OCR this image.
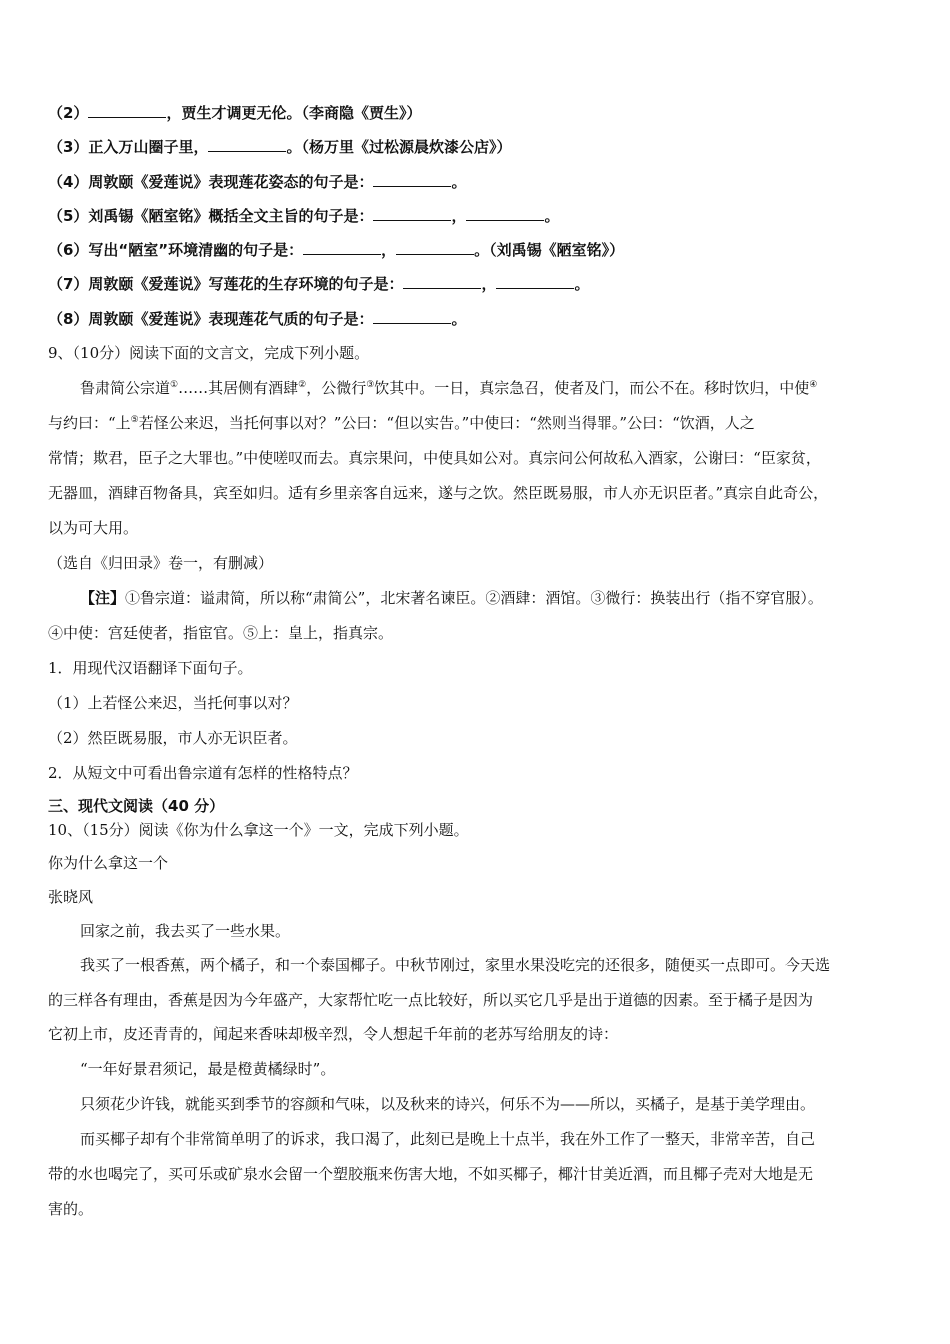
（2）	，贾生才调更无伦。（李商隐《贾生》）
（3）正入万山圈子里，	。（杨万里《过松源晨炊漆公店》）
（4）周敦颐《爱莲说》表现莲花姿态的句子是：	。
（5）刘禹锡《陋室铭》概括全文主旨的句子是：	，	。
（6）写出“陋室”环境清幽的句子是：	，	。（刘禹锡《陋室铭》）
（7）周敦颐《爱莲说》写莲花的生存环境的句子是：	，	。
（8）周敦颐《爱莲说》表现莲花气质的句子是：	。
9、（10分）阅读下面的文言文，完成下列小题。
鲁肃简公宗道①……其居侧有酒肆②，公微行③饮其中。一日，真宗急召，使者及门，而公不在。移时饮归，中使④
与约曰：“上⑤若怪公来迟，当托何事以对？”公曰：“但以实告。”中使曰：“然则当得罪。”公曰：“饮酒，人之
常情；欺君，臣子之大罪也。”中使嗟叹而去。真宗果问，中使具如公对。真宗问公何故私入酒家，公谢曰：“臣家贫，
无器皿，酒肆百物备具，宾至如归。适有乡里亲客自远来，遂与之饮。然臣既易服，市人亦无识臣者。”真宗自此奇公，
以为可大用。
（选自《归田录》卷一，有删减）
【注】①鲁宗道：谥肃简，所以称“肃简公”，北宋著名谏臣。②酒肆：酒馆。③微行：换装出行（指不穿官服）。
④中使：宫廷使者，指宦官。⑤上：皇上，指真宗。
1．用现代汉语翻译下面句子。
（1）上若怪公来迟，当托何事以对？
（2）然臣既易服，市人亦无识臣者。
2．从短文中可看出鲁宗道有怎样的性格特点？
三、现代文阅读（40 分）
10、（15分）阅读《你为什么拿这一个》一文，完成下列小题。
你为什么拿这一个
张晓风
回家之前，我去买了一些水果。
我买了一根香蕉，两个橘子，和一个泰国椰子。中秋节刚过，家里水果没吃完的还很多，随便买一点即可。今天选
的三样各有理由，香蕉是因为今年盛产，大家帮忙吃一点比较好，所以买它几乎是出于道德的因素。至于橘子是因为
它初上市，皮还青青的，闻起来香味却极辛烈，令人想起千年前的老苏写给朋友的诗：
“一年好景君须记，最是橙黄橘绿时”。
只须花少许钱，就能买到季节的容颜和气味，以及秋来的诗兴，何乐不为——所以，买橘子，是基于美学理由。
而买椰子却有个非常简单明了的诉求，我口渴了，此刻已是晚上十点半，我在外工作了一整天，非常辛苦，自己
带的水也喝完了，买可乐或矿泉水会留一个塑胶瓶来伤害大地，不如买椰子，椰汁甘美近酒，而且椰子壳对大地是无
害的。
